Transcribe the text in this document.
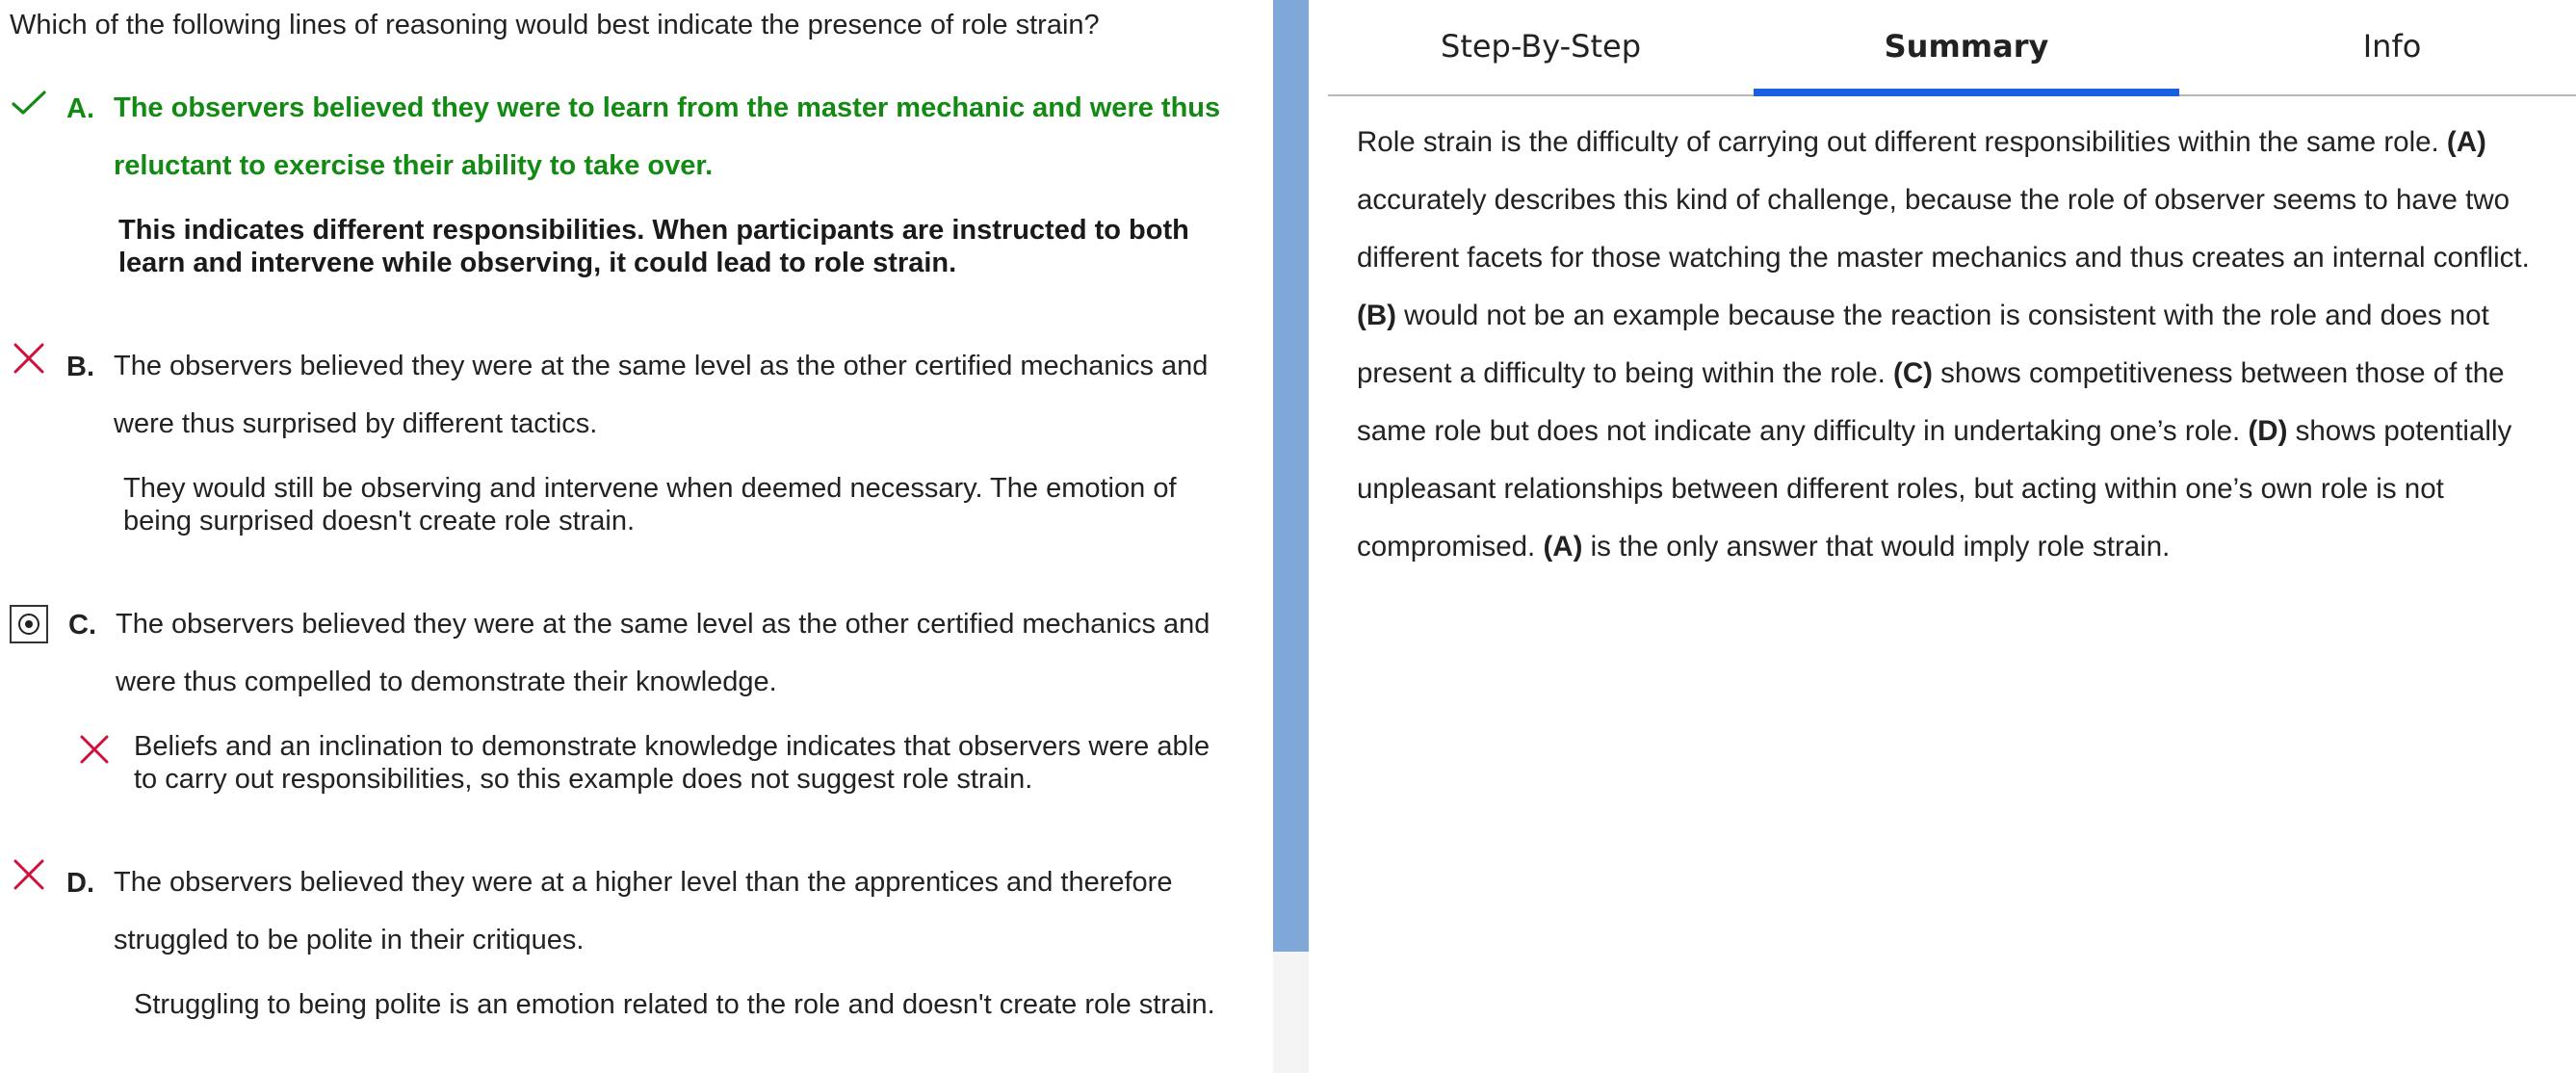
Which of the following lines of reasoning would best indicate the presence of role strain?

A. The observers believed they were to learn from the master mechanic and were thus reluctant to exercise their ability to take over.

This indicates different responsibilities. When participants are instructed to both learn and intervene while observing, it could lead to role strain.

B. The observers believed they were at the same level as the other certified mechanics and were thus surprised by different tactics.

They would still be observing and intervene when deemed necessary. The emotion of being surprised doesn't create role strain.

C. The observers believed they were at the same level as the other certified mechanics and were thus compelled to demonstrate their knowledge.

Beliefs and an inclination to demonstrate knowledge indicates that observers were able to carry out responsibilities, so this example does not suggest role strain.

D. The observers believed they were at a higher level than the apprentices and therefore struggled to be polite in their critiques.

Struggling to being polite is an emotion related to the role and doesn't create role strain.

Step-By-Step	Summary	Info

Role strain is the difficulty of carrying out different responsibilities within the same role. (A) accurately describes this kind of challenge, because the role of observer seems to have two different facets for those watching the master mechanics and thus creates an internal conflict. (B) would not be an example because the reaction is consistent with the role and does not present a difficulty to being within the role. (C) shows competitiveness between those of the same role but does not indicate any difficulty in undertaking one’s role. (D) shows potentially unpleasant relationships between different roles, but acting within one’s own role is not compromised. (A) is the only answer that would imply role strain.
